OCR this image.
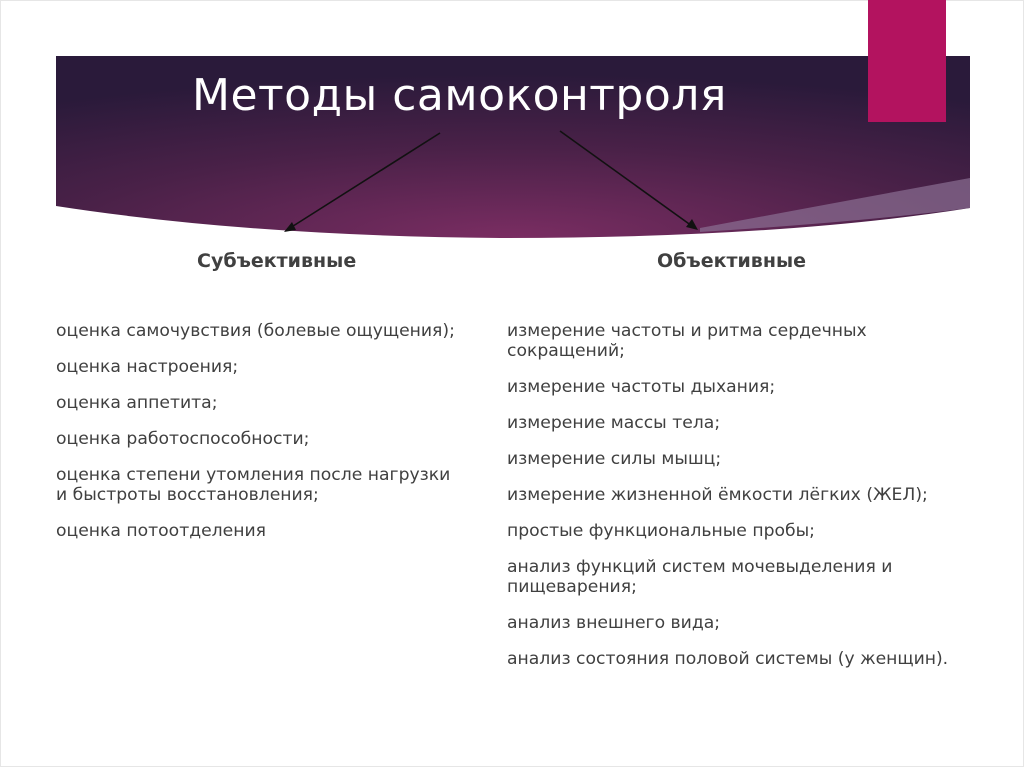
Методы самоконтроля
Субъективные	Объективные
оценка самочувствия (болевые ощущения);
оценка настроения;
оценка аппетита;
оценка работоспособности;
оценка степени утомления после нагрузки и быстроты восстановления;
оценка потоотделения
измерение частоты и ритма сердечных сокращений;
измерение частоты дыхания;
измерение массы тела;
измерение силы мышц;
измерение жизненной ёмкости лёгких (ЖЕЛ);
простые функциональные пробы;
анализ функций систем мочевыделения и пищеварения;
анализ внешнего вида;
анализ состояния половой системы (у женщин).
